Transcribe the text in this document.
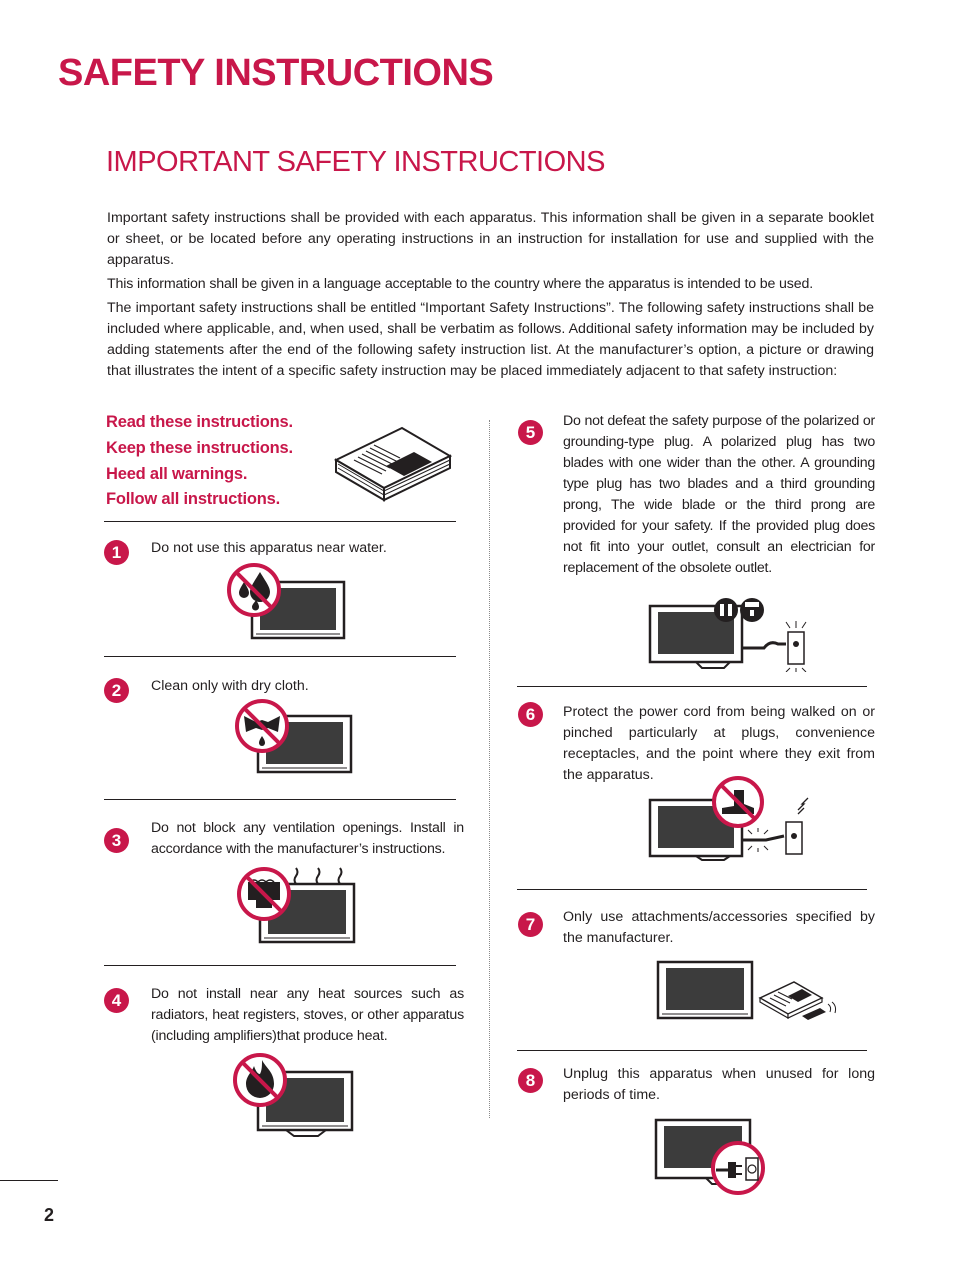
SAFETY INSTRUCTIONS
IMPORTANT SAFETY INSTRUCTIONS

Important safety instructions shall be provided with each apparatus. This information shall be given in a separate booklet or sheet, or be located before any operating instructions in an instruction for installation for use and supplied with the apparatus.

This information shall be given in a language acceptable to the country where the apparatus is intended to be used.

The important safety instructions shall be entitled “Important Safety Instructions”. The following safety instructions shall be included where applicable, and, when used, shall be verbatim as follows. Additional safety information may be included by adding statements after the end of the following safety instruction list. At the manufacturer’s option, a picture or drawing that illustrates the intent of a specific safety instruction may be placed immediately adjacent to that safety instruction:

Read these instructions.
Keep these instructions.
Heed all warnings.
Follow all instructions.
1	Do not use this apparatus near water.

2	Clean only with dry cloth.

3

Do not block any ventilation openings. Install in accordance with the manufacturer’s instructions.

4	Do not install near any heat sources such as radiators, heat registers, stoves, or other apparatus (including amplifiers)that produce heat.

5

Do not defeat the safety purpose of the polarized or grounding-type plug. A polarized plug has two blades with one wider than the other. A grounding type plug has two blades and a third grounding prong, The wide blade or the third prong are provided for your safety. If the provided plug does not fit into your outlet, consult an electrician for replacement of the obsolete outlet.

6	Protect the power cord from being walked on or pinched particularly at plugs, convenience receptacles, and the point where they exit from the apparatus.

7	Only use attachments/accessories specified by the manufacturer.

8	Unplug this apparatus when unused for long periods of time.

2
